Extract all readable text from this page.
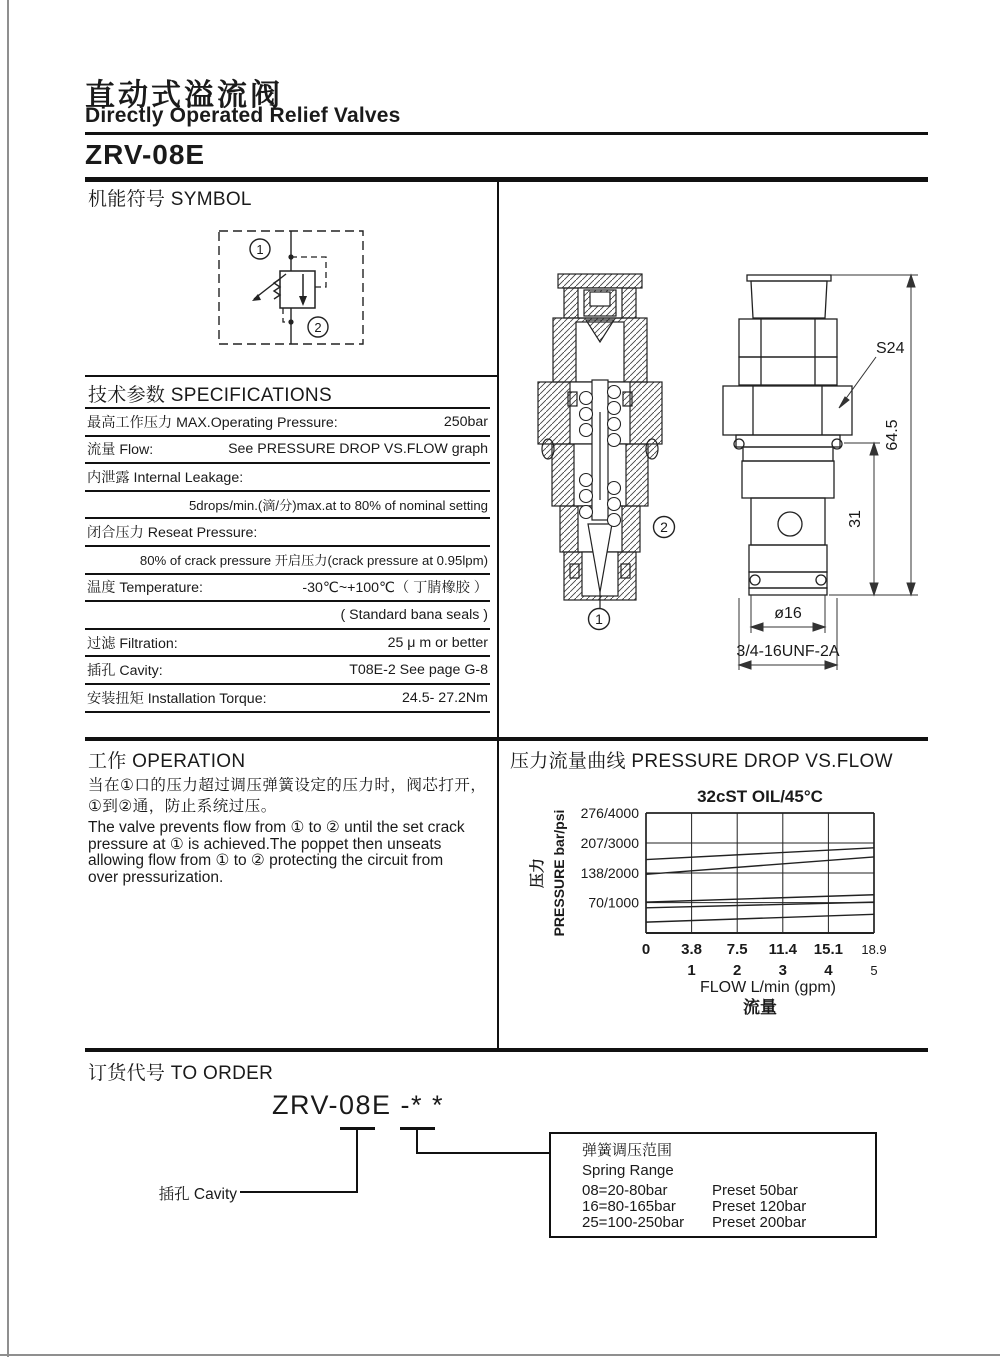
直动式溢流阀
Directly Operated Relief Valves
ZRV-08E
机能符号 SYMBOL
1
2
技术参数 SPECIFICATIONS
最高工作压力 MAX.Operating Pressure:	250bar
流量 Flow:	See PRESSURE DROP VS.FLOW graph
内泄露 Internal Leakage:
5drops/min.(滴/分)max.at to 80% of nominal setting
闭合压力 Reseat Pressure:
80% of crack pressure 开启压力(crack pressure at 0.95lpm)
温度 Temperature:	-30℃~+100℃（ 丁腈橡胶 ）
( Standard bana seals )
过滤 Filtration:	25 μ m or better
插孔 Cavity:	T08E-2 See page G-8
安装扭矩 Installation Torque:	24.5- 27.2Nm
2
1
S24
64.5
31
ø16
3/4-16UNF-2A
工作 OPERATION
当在①口的压力超过调压弹簧设定的压力时，阀芯打开，
①到②通，防止系统过压。
The valve prevents flow from ① to ② until the set crack
pressure at ① is achieved.The poppet then unseats
allowing flow from ① to ② protecting the circuit from
over pressurization.
压力流量曲线 PRESSURE DROP VS.FLOW
276/4000
207/3000
138/2000
70/1000
0 3.8 7.5 11.4 15.1 18.9
1 2 3 4	5
32cST OIL/45°C
压力 PRESSURE bar/psi
FLOW L/min (gpm)
流量
订货代号 TO ORDER
ZRV-08E -* *
插孔 Cavity
弹簧调压范围
Spring Range
08=20-80bar	Preset 50bar
16=80-165bar	Preset 120bar
25=100-250bar	Preset 200bar
